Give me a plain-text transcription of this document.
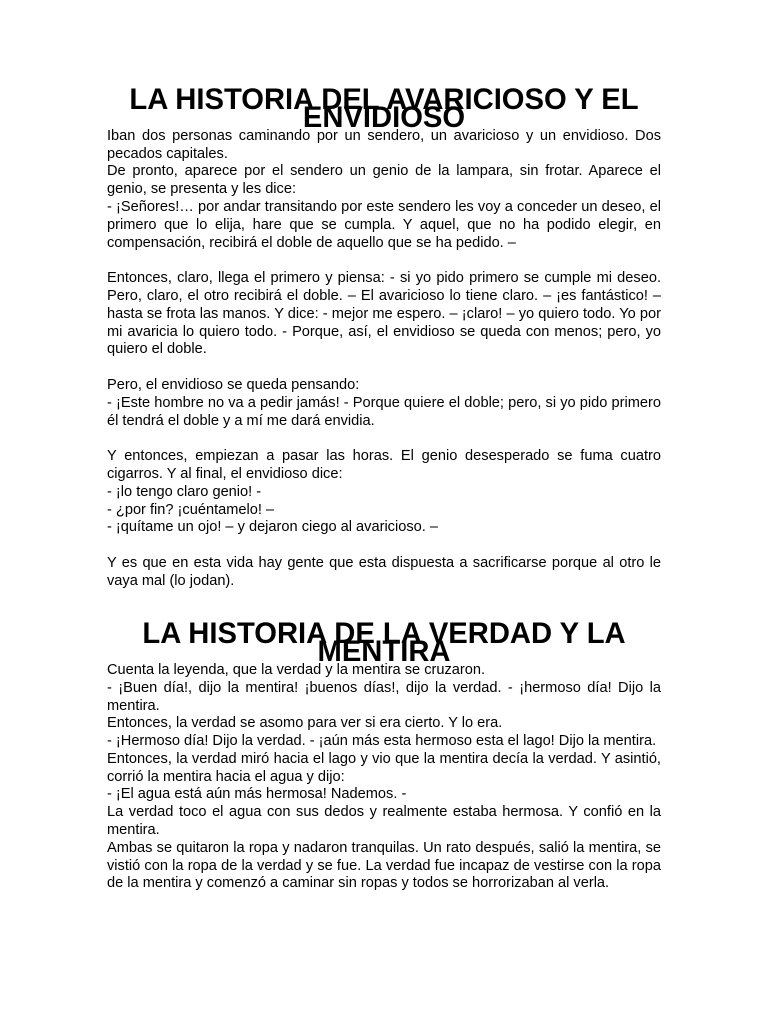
LA HISTORIA DEL AVARICIOSO Y EL ENVIDIOSO
Iban dos personas caminando por un sendero, un avaricioso y un envidioso. Dos pecados capitales.
De pronto, aparece por el sendero un genio de la lampara, sin frotar. Aparece el genio, se presenta y les dice:
- ¡Señores!… por andar transitando por este sendero les voy a conceder un deseo, el primero que lo elija, hare que se cumpla. Y aquel, que no ha podido elegir, en compensación, recibirá el doble de aquello que se ha pedido. –
Entonces, claro, llega el primero y piensa: - si yo pido primero se cumple mi deseo. Pero, claro, el otro recibirá el doble. – El avaricioso lo tiene claro. – ¡es fantástico! – hasta se frota las manos. Y dice: - mejor me espero. – ¡claro! – yo quiero todo. Yo por mi avaricia lo quiero todo. - Porque, así, el envidioso se queda con menos; pero, yo quiero el doble.
Pero, el envidioso se queda pensando:
- ¡Este hombre no va a pedir jamás! - Porque quiere el doble; pero, si yo pido primero él tendrá el doble y a mí me dará envidia.
Y entonces, empiezan a pasar las horas. El genio desesperado se fuma cuatro cigarros. Y al final, el envidioso dice:
- ¡lo tengo claro genio! -
- ¿por fin? ¡cuéntamelo! –
- ¡quítame un ojo! – y dejaron ciego al avaricioso. –
Y es que en esta vida hay gente que esta dispuesta a sacrificarse porque al otro le vaya mal (lo jodan).
LA HISTORIA DE LA VERDAD Y LA MENTIRA
Cuenta la leyenda, que la verdad y la mentira se cruzaron.
- ¡Buen día!, dijo la mentira! ¡buenos días!, dijo la verdad. - ¡hermoso día! Dijo la mentira.
Entonces, la verdad se asomo para ver si era cierto. Y lo era.
- ¡Hermoso día! Dijo la verdad. - ¡aún más esta hermoso esta el lago! Dijo la mentira.
Entonces, la verdad miró hacia el lago y vio que la mentira decía la verdad. Y asintió, corrió la mentira hacia el agua y dijo:
- ¡El agua está aún más hermosa! Nademos. -
La verdad toco el agua con sus dedos y realmente estaba hermosa. Y confió en la mentira.
Ambas se quitaron la ropa y nadaron tranquilas. Un rato después, salió la mentira, se vistió con la ropa de la verdad y se fue. La verdad fue incapaz de vestirse con la ropa de la mentira y comenzó a caminar sin ropas y todos se horrorizaban al verla.
